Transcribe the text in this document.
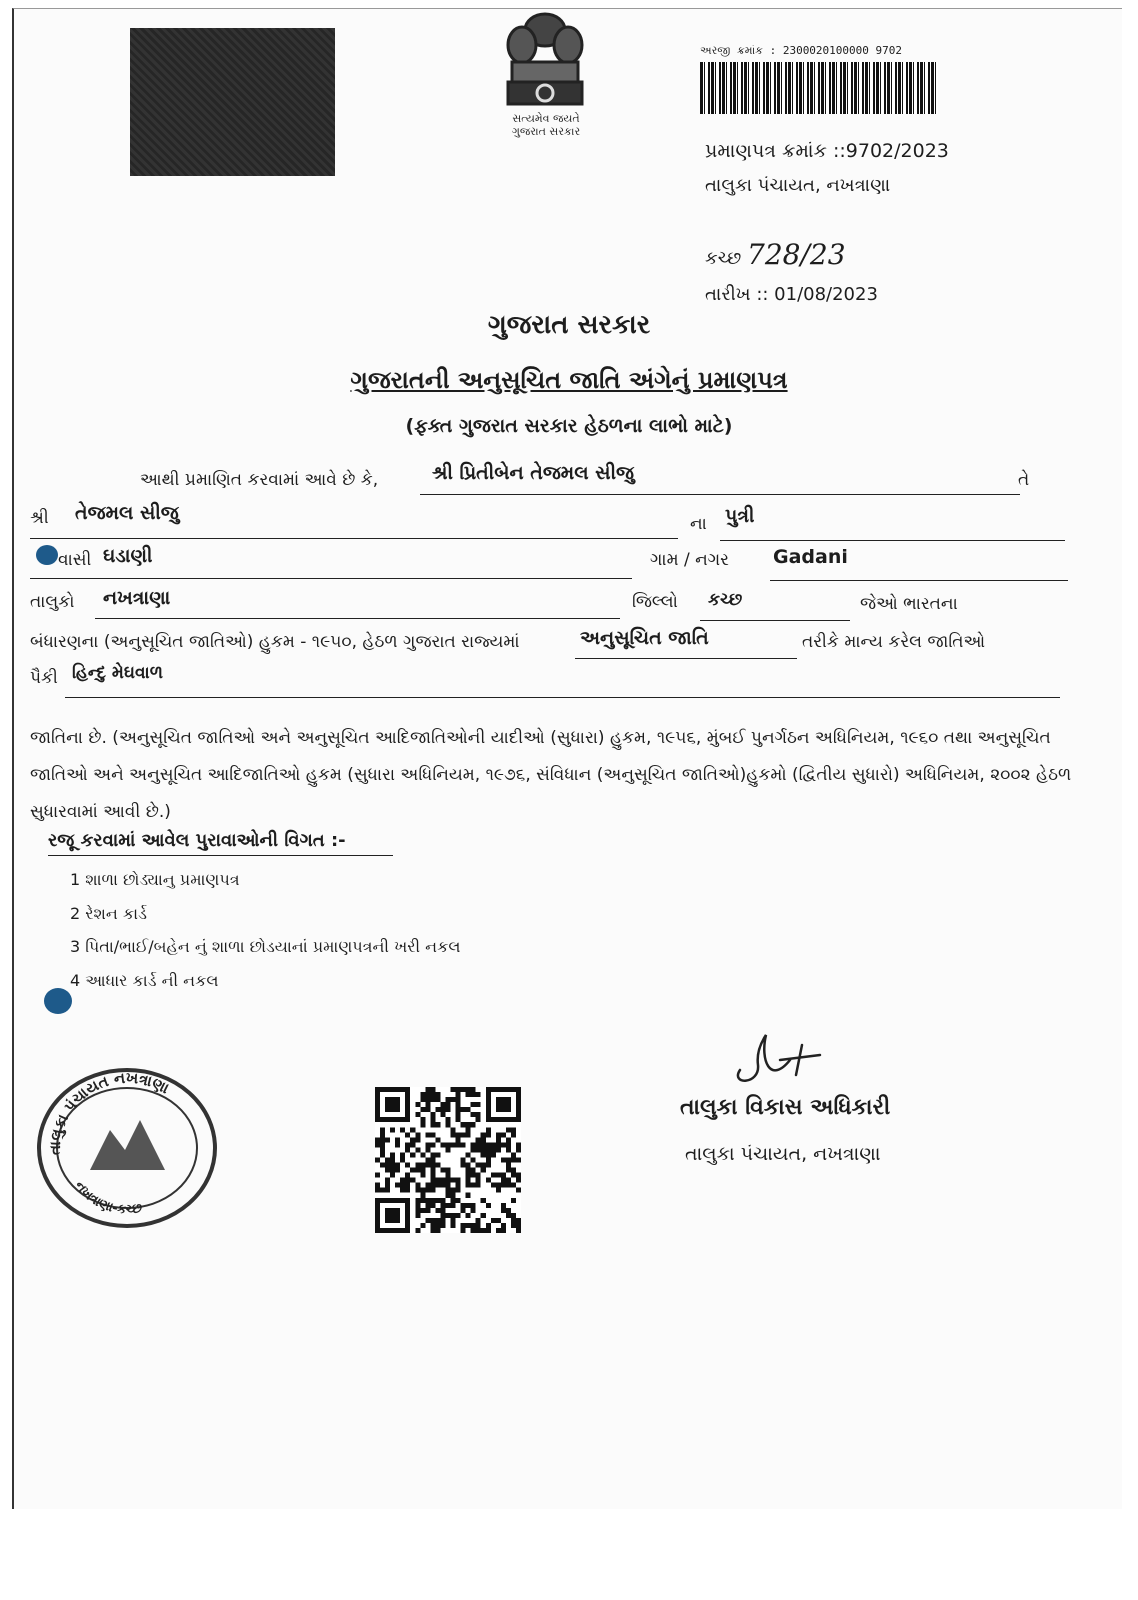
સત્યમેવ જયતે
ગુજરાત સરકાર
અરજી ક્રમાંક : 2300020100000 9702
પ્રમાણપત્ર ક્રમાંક ::9702/2023
તાલુકા પંચાયત, નખત્રાણા
કચ્છ 728/23
તારીખ :: 01/08/2023
ગુજરાત સરકાર
ગુજરાતની અનુસૂચિત જાતિ અંગેનું પ્રમાણપત્ર
(ફક્ત ગુજરાત સરકાર હેઠળના લાભો માટે)
આથી પ્રમાણિત કરવામાં આવે છે કે,	શ્રી પ્રિતીબેન તેજમલ સીજુ	તે
શ્રી તેજમલ સીજુ	ના પુત્રી
વાસી ઘડાણી	ગામ / નગર Gadani
તાલુકો નખત્રાણા	જિલ્લો કચ્છ	જેઓ ભારતના
બંધારણના (અનુસૂચિત જાતિઓ) હુકમ - ૧૯૫૦, હેઠળ ગુજરાત રાજ્યમાં	અનુસૂચિત જાતિ	તરીકે માન્ય કરેલ જાતિઓ
પૈકી હિન્દુ મેઘવાળ
જાતિના છે. (અનુસૂચિત જાતિઓ અને અનુસૂચિત આદિજાતિઓની યાદીઓ (સુધારા) હુકમ, ૧૯૫૬, મુંબઈ પુનર્ગઠન અધિનિયમ, ૧૯૬૦ તથા અનુસૂચિત જાતિઓ અને અનુસૂચિત આદિજાતિઓ હુકમ (સુધારા અધિનિયમ, ૧૯૭૬, સંવિધાન (અનુસૂચિત જાતિઓ)હુકમો (દ્વિતીય સુધારો) અધિનિયમ, ૨૦૦૨ હેઠળ સુધારવામાં આવી છે.)
રજૂ કરવામાં આવેલ પુરાવાઓની વિગત :-
1 શાળા છોડ્યાનુ પ્રમાણપત્ર
2 રેશન કાર્ડ
3 પિતા/ભાઈ/બહેન નું શાળા છોડયાનાં પ્રમાણપત્રની ખરી નકલ
4 આધાર કાર્ડ ની નકલ
તાલુકા પંચાયત નખત્રાણા
નખત્રાણા-કચ્છ
તાલુકા વિકાસ અધિકારી
તાલુકા પંચાયત, નખત્રાણા
